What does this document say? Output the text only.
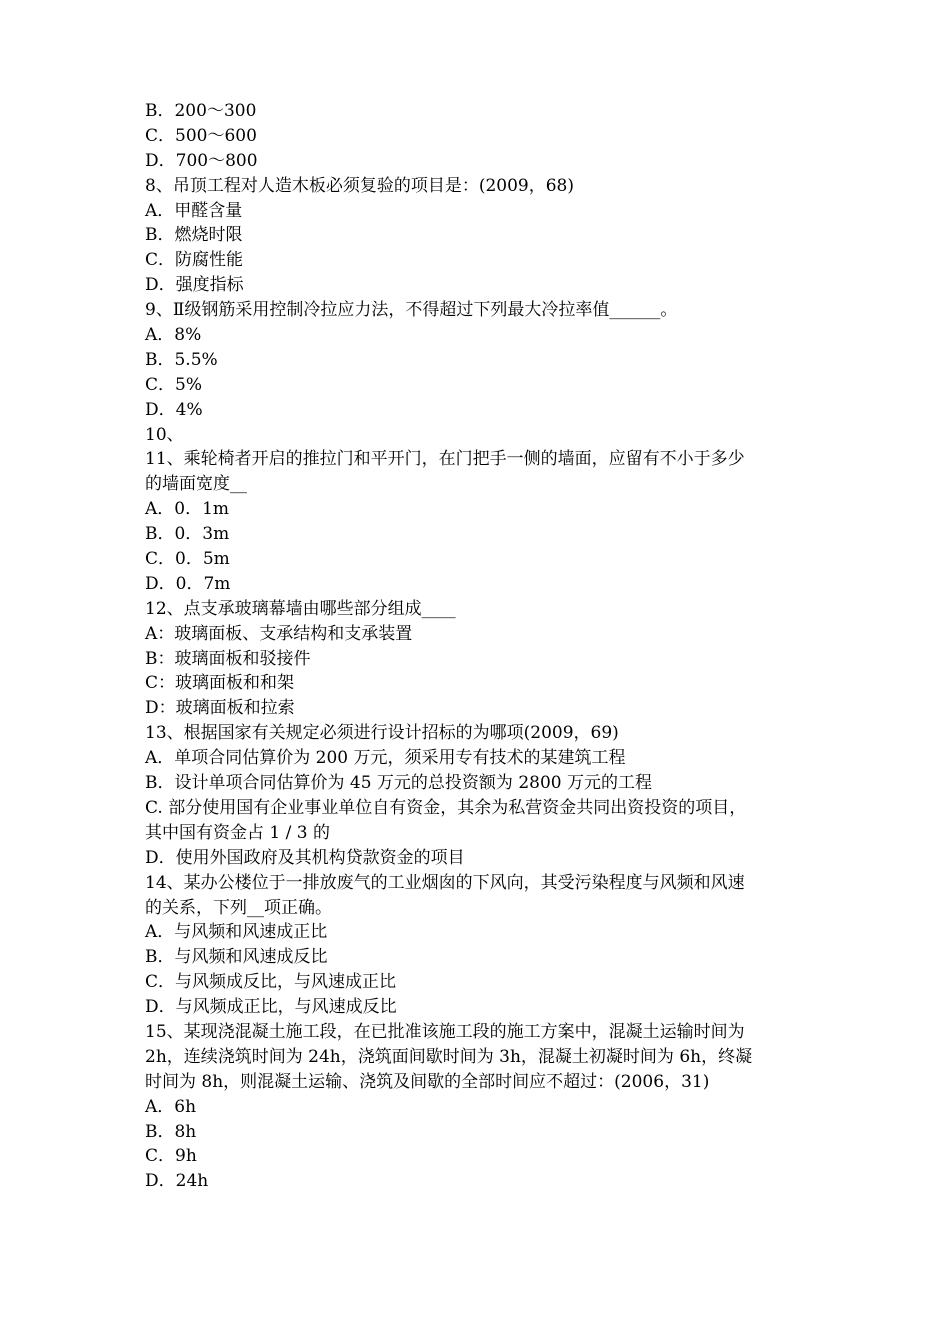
B．200～300
C．500～600
D．700～800
8、吊顶工程对人造木板必须复验的项目是：(2009，68)
A．甲醛含量
B．燃烧时限
C．防腐性能
D．强度指标
9、Ⅱ级钢筋采用控制冷拉应力法，不得超过下列最大冷拉率值______。
A．8%
B．5.5%
C．5%
D．4%
10、
11、乘轮椅者开启的推拉门和平开门，在门把手一侧的墙面，应留有不小于多少
的墙面宽度__
A．0．1m
B．0．3m
C．0．5m
D．0．7m
12、点支承玻璃幕墙由哪些部分组成____
A：玻璃面板、支承结构和支承装置
B：玻璃面板和驳接件
C：玻璃面板和和架
D：玻璃面板和拉索
13、根据国家有关规定必须进行设计招标的为哪项(2009，69)
A．单项合同估算价为 200 万元，须采用专有技术的某建筑工程
B．设计单项合同估算价为 45 万元的总投资额为 2800 万元的工程
C. 部分使用国有企业事业单位自有资金，其余为私营资金共同出资投资的项目，
其中国有资金占 1 / 3 的
D．使用外国政府及其机构贷款资金的项目
14、某办公楼位于一排放废气的工业烟囱的下风向，其受污染程度与风频和风速
的关系，下列__项正确。
A．与风频和风速成正比
B．与风频和风速成反比
C．与风频成反比，与风速成正比
D．与风频成正比，与风速成反比
15、某现浇混凝土施工段，在已批准该施工段的施工方案中，混凝土运输时间为
2h，连续浇筑时间为 24h，浇筑面间歇时间为 3h，混凝土初凝时间为 6h，终凝
时间为 8h，则混凝土运输、浇筑及间歇的全部时间应不超过：(2006，31)
A．6h
B．8h
C．9h
D．24h
